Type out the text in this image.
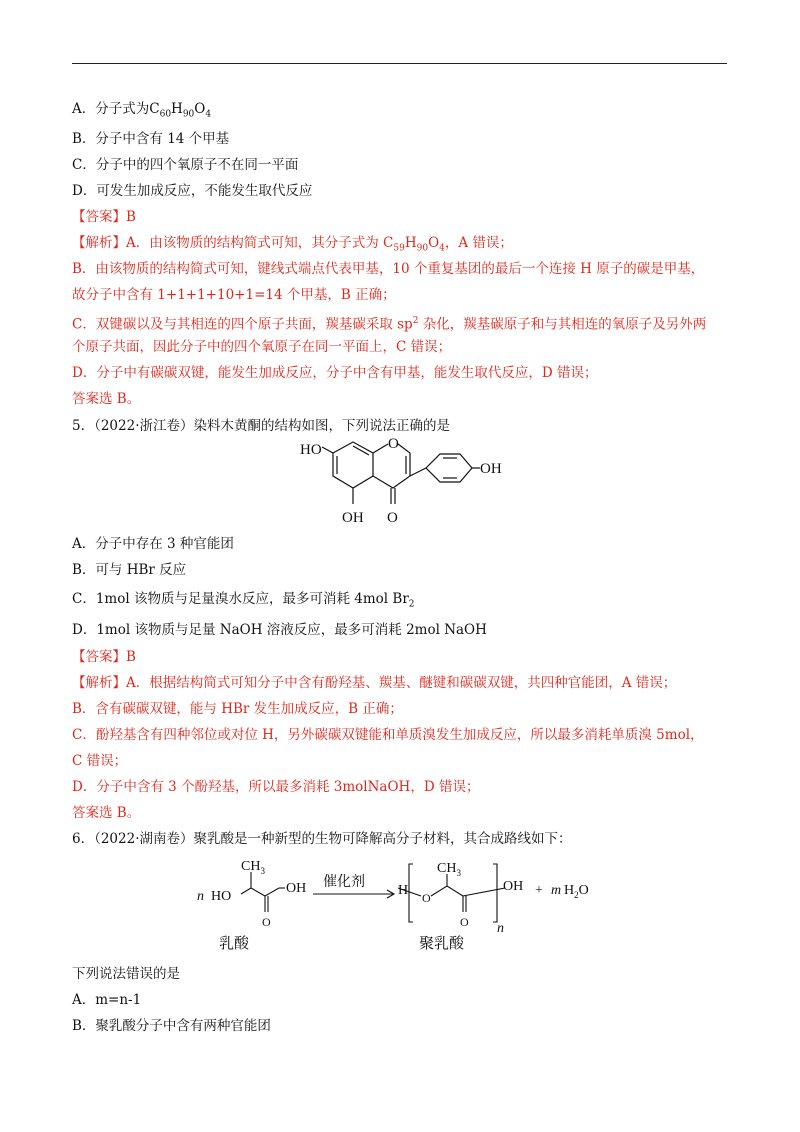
A．分子式为$C_{60}H_{90}O_4$
B．分子中含有 14 个甲基
C．分子中的四个氧原子不在同一平面
D．可发生加成反应，不能发生取代反应
【答案】B
【解析】A．由该物质的结构简式可知，其分子式为 $C_{59}H_{90}O_4$，A 错误；
B．由该物质的结构简式可知，键线式端点代表甲基，10 个重复基团的最后一个连接 H 原子的碳是甲基，
故分子中含有 1+1+1+10+1=14 个甲基，B 正确；
C．双键碳以及与其相连的四个原子共面，羰基碳采取 $sp^2$ 杂化，羰基碳原子和与其相连的氧原子及另外两
个原子共面，因此分子中的四个氧原子在同一平面上，C 错误；
D．分子中有碳碳双键，能发生加成反应，分子中含有甲基，能发生取代反应，D 错误；
答案选 B。
5．（2022·浙江卷）染料木黄酮的结构如图，下列说法正确的是
HO	O
OH
OH O
A．分子中存在 3 种官能团
B．可与 HBr 反应
C．1mol 该物质与足量溴水反应，最多可消耗 4mol $Br_2$
D．1mol 该物质与足量 NaOH 溶液反应，最多可消耗 2mol NaOH
【答案】B
【解析】A．根据结构简式可知分子中含有酚羟基、羰基、醚键和碳碳双键，共四种官能团，A 错误；
B．含有碳碳双键，能与 HBr 发生加成反应，B 正确；
C．酚羟基含有四种邻位或对位 H，另外碳碳双键能和单质溴发生加成反应，所以最多消耗单质溴 5mol，
C 错误；
D．分子中含有 3 个酚羟基，所以最多消耗 3molNaOH，D 错误；
答案选 B。
6．（2022·湖南卷）聚乳酸是一种新型的生物可降解高分子材料，其合成路线如下：
n HO
$CH_3$
OH
O
催化剂
H O
$CH_3$
O n
OH + m $H_2O$
乳酸	聚乳酸
下列说法错误的是
A．m=n-1
B．聚乳酸分子中含有两种官能团
